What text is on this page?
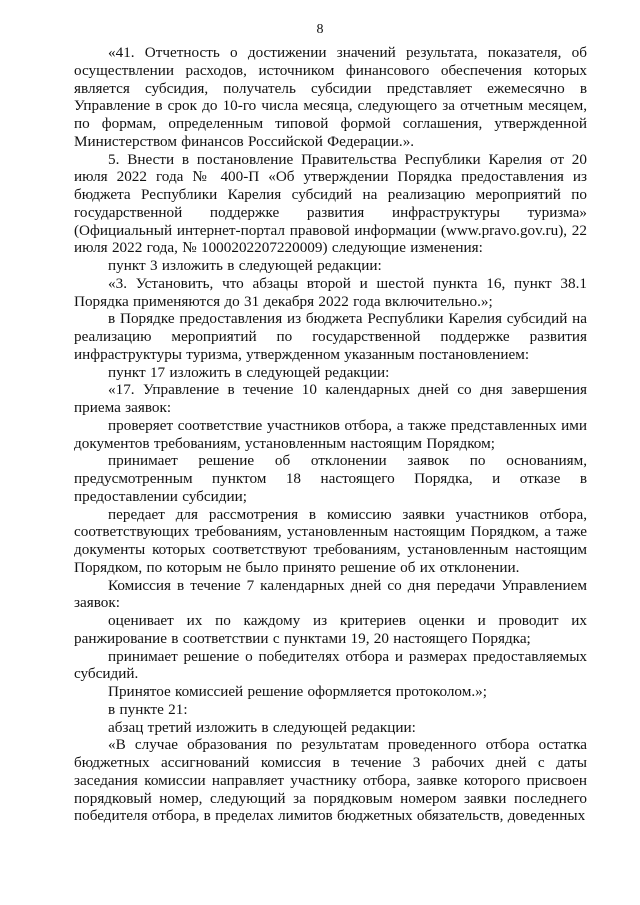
8

«41. Отчетность о достижении значений результата, показателя, об осуществлении расходов, источником финансового обеспечения которых является субсидия, получатель субсидии представляет ежемесячно в Управление в срок до 10-го числа месяца, следующего за отчетным месяцем, по формам, определенным типовой формой соглашения, утвержденной Министерством финансов Российской Федерации.».

5. Внести в постановление Правительства Республики Карелия от 20 июля 2022 года № 400-П «Об утверждении Порядка предоставления из бюджета Республики Карелия субсидий на реализацию мероприятий по государственной поддержке развития инфраструктуры туризма» (Официальный интернет-портал правовой информации (www.pravo.gov.ru), 22 июля 2022 года, № 1000202207220009) следующие изменения:

пункт 3 изложить в следующей редакции:

«3. Установить, что абзацы второй и шестой пункта 16, пункт 38.1 Порядка применяются до 31 декабря 2022 года включительно.»;

в Порядке предоставления из бюджета Республики Карелия субсидий на реализацию мероприятий по государственной поддержке развития инфраструктуры туризма, утвержденном указанным постановлением:

пункт 17 изложить в следующей редакции:

«17. Управление в течение 10 календарных дней со дня завершения приема заявок:

проверяет соответствие участников отбора, а также представленных ими документов требованиям, установленным настоящим Порядком;

принимает решение об отклонении заявок по основаниям, предусмотренным пунктом 18 настоящего Порядка, и отказе в предоставлении субсидии;

передает для рассмотрения в комиссию заявки участников отбора, соответствующих требованиям, установленным настоящим Порядком, а таже документы которых соответствуют требованиям, установленным настоящим Порядком, по которым не было принято решение об их отклонении.

Комиссия в течение 7 календарных дней со дня передачи Управлением заявок:

оценивает их по каждому из критериев оценки и проводит их ранжирование в соответствии с пунктами 19, 20 настоящего Порядка;

принимает решение о победителях отбора и размерах предоставляемых субсидий.

Принятое комиссией решение оформляется протоколом.»;

в пункте 21:

абзац третий изложить в следующей редакции:

«В случае образования по результатам проведенного отбора остатка бюджетных ассигнований комиссия в течение 3 рабочих дней с даты заседания комиссии направляет участнику отбора, заявке которого присвоен порядковый номер, следующий за порядковым номером заявки последнего победителя отбора, в пределах лимитов бюджетных обязательств, доведенных
